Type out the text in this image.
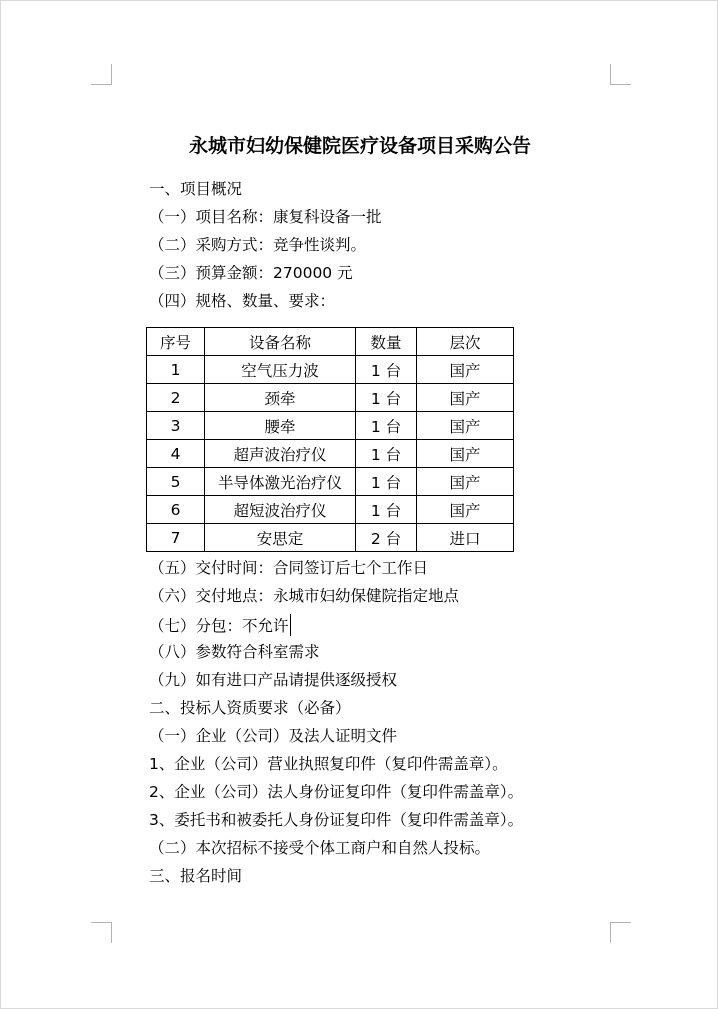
永城市妇幼保健院医疗设备项目采购公告
一、项目概况
（一）项目名称：康复科设备一批
（二）采购方式：竞争性谈判。
（三）预算金额：270000 元
（四）规格、数量、要求：
序号	设备名称	数量	层次
1	空气压力波	1 台	国产
2	颈牵	1 台	国产
3	腰牵	1 台	国产
4	超声波治疗仪	1 台	国产
5	半导体激光治疗仪	1 台	国产
6	超短波治疗仪	1 台	国产
7	安思定	2 台	进口
（五）交付时间：合同签订后七个工作日
（六）交付地点：永城市妇幼保健院指定地点
（七）分包：不允许
（八）参数符合科室需求
（九）如有进口产品请提供逐级授权
二、投标人资质要求（必备）
（一）企业（公司）及法人证明文件
1、企业（公司）营业执照复印件（复印件需盖章）。
2、企业（公司）法人身份证复印件（复印件需盖章）。
3、委托书和被委托人身份证复印件（复印件需盖章）。
（二）本次招标不接受个体工商户和自然人投标。
三、报名时间
